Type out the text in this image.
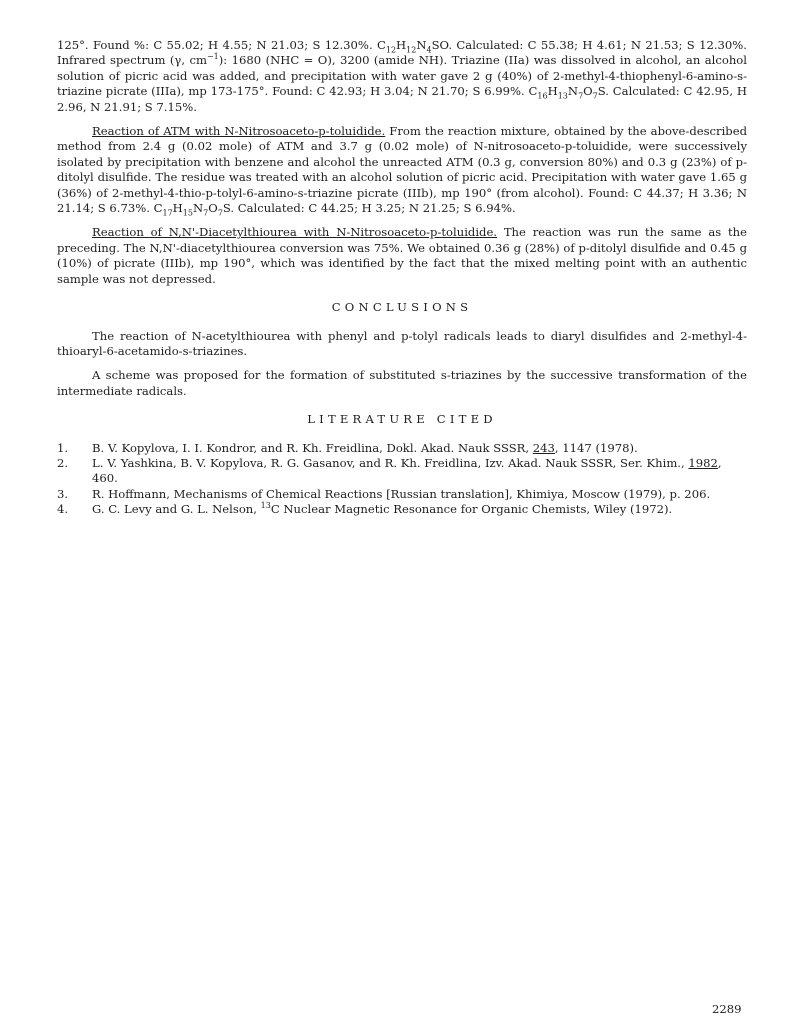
125°. Found %: C 55.02; H 4.55; N 21.03; S 12.30%. $C_{12}H_{12}N_4SO$. Calculated: C 55.38; H 4.61; N 21.53; S 12.30%. Infrared spectrum (γ, $cm^{-1}$): 1680 (NHC = O), 3200 (amide NH). Triazine (IIa) was dissolved in alcohol, an alcohol solution of picric acid was added, and precipitation with water gave 2 g (40%) of 2-methyl-4-thiophenyl-6-amino-s-triazine picrate (IIIa), mp 173-175°. Found: C 42.93; H 3.04; N 21.70; S 6.99%. $C_{16}H_{13}N_7O_7S$. Calculated: C 42.95, H 2.96, N 21.91; S 7.15%.

Reaction of ATM with N-Nitrosoaceto-p-toluidide. From the reaction mixture, obtained by the above-described method from 2.4 g (0.02 mole) of ATM and 3.7 g (0.02 mole) of N-nitrosoaceto-p-toluidide, were successively isolated by precipitation with benzene and alcohol the unreacted ATM (0.3 g, conversion 80%) and 0.3 g (23%) of p-ditolyl disulfide. The residue was treated with an alcohol solution of picric acid. Precipitation with water gave 1.65 g (36%) of 2-methyl-4-thio-p-tolyl-6-amino-s-triazine picrate (IIIb), mp 190° (from alcohol). Found: C 44.37; H 3.36; N 21.14; S 6.73%. $C_{17}H_{15}N_7O_7S$. Calculated: C 44.25; H 3.25; N 21.25; S 6.94%.

Reaction of N,N'-Diacetylthiourea with N-Nitrosoaceto-p-toluidide. The reaction was run the same as the preceding. The N,N'-diacetylthiourea conversion was 75%. We obtained 0.36 g (28%) of p-ditolyl disulfide and 0.45 g (10%) of picrate (IIIb), mp 190°, which was identified by the fact that the mixed melting point with an authentic sample was not depressed.

CONCLUSIONS

The reaction of N-acetylthiourea with phenyl and p-tolyl radicals leads to diaryl disulfides and 2-methyl-4-thioaryl-6-acetamido-s-triazines.

A scheme was proposed for the formation of substituted s-triazines by the successive transformation of the intermediate radicals.

LITERATURE CITED

1.	B. V. Kopylova, I. I. Kondror, and R. Kh. Freidlina, Dokl. Akad. Nauk SSSR, 243, 1147 (1978).
2.	L. V. Yashkina, B. V. Kopylova, R. G. Gasanov, and R. Kh. Freidlina, Izv. Akad. Nauk SSSR, Ser. Khim., 1982, 460.
3.	R. Hoffmann, Mechanisms of Chemical Reactions [Russian translation], Khimiya, Moscow (1979), p. 206.
4.	G. C. Levy and G. L. Nelson, $^{13}$C Nuclear Magnetic Resonance for Organic Chemists, Wiley (1972).
2289
